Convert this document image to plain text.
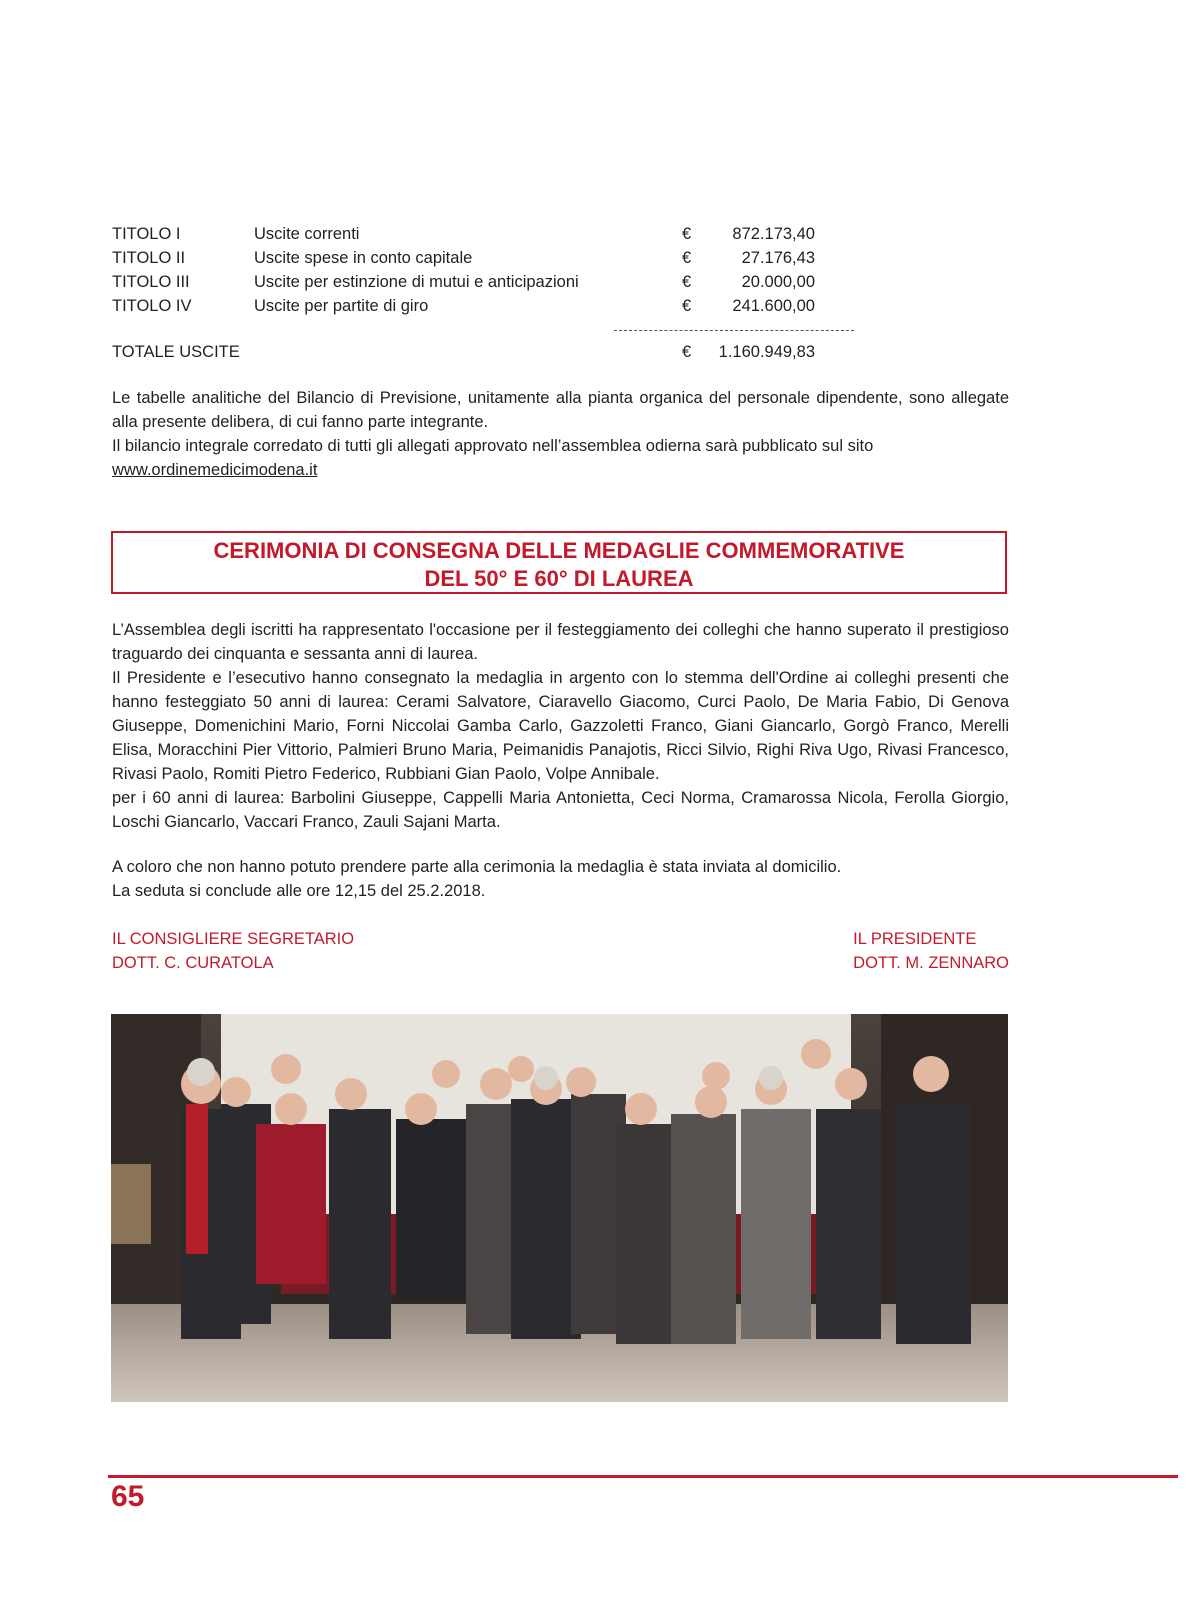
TITOLO I	Uscite correnti	€ 872.173,40
TITOLO II	Uscite spese in conto capitale	€	27.176,43
TITOLO III	Uscite per estinzione di mutui e anticipazioni	€	20.000,00
TITOLO IV	Uscite per partite di giro	€ 241.600,00
TOTALE USCITE	€ 1.160.949,83

Le tabelle analitiche del Bilancio di Previsione, unitamente alla pianta organica del personale dipendente, sono allegate alla presente delibera, di cui fanno parte integrante.

Il bilancio integrale corredato di tutti gli allegati approvato nell’assemblea odierna sarà pubblicato sul sito

www.ordinemedicimodena.it

CERIMONIA DI CONSEGNA DELLE MEDAGLIE COMMEMORATIVE
DEL 50° E 60° DI LAUREA

L’Assemblea degli iscritti ha rappresentato l'occasione per il festeggiamento dei colleghi che hanno superato il prestigioso traguardo dei cinquanta e sessanta anni di laurea.

Il Presidente e l’esecutivo hanno consegnato la medaglia in argento con lo stemma dell'Ordine ai colleghi presenti che hanno festeggiato 50 anni di laurea: Cerami Salvatore, Ciaravello Giacomo, Curci Paolo, De Maria Fabio, Di Genova Giuseppe, Domenichini Mario, Forni Niccolai Gamba Carlo, Gazzoletti Franco, Giani Giancarlo, Gorgò Franco, Merelli Elisa, Moracchini Pier Vittorio, Palmieri Bruno Maria, Peimanidis Panajotis, Ricci Silvio, Righi Riva Ugo, Rivasi Francesco, Rivasi Paolo, Romiti Pietro Federico, Rubbiani Gian Paolo, Volpe Annibale.

per i 60 anni di laurea: Barbolini Giuseppe, Cappelli Maria Antonietta, Ceci Norma, Cramarossa Nicola, Ferolla Giorgio, Loschi Giancarlo, Vaccari Franco, Zauli Sajani Marta.

A coloro che non hanno potuto prendere parte alla cerimonia la medaglia è stata inviata al domicilio.

La seduta si conclude alle ore 12,15 del 25.2.2018.

IL CONSIGLIERE SEGRETARIO
DOTT. C. CURATOLA
IL PRESIDENTE
DOTT. M. ZENNARO
65
